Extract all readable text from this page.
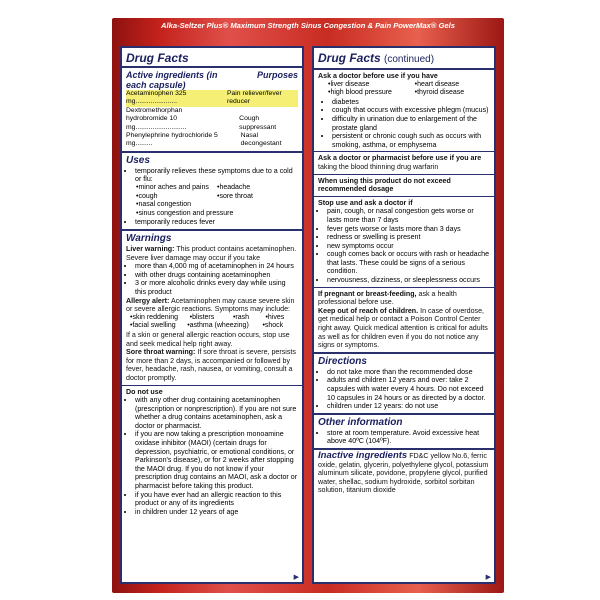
Alka-Seltzer Plus® Maximum Strength Sinus Congestion & Pain PowerMax® Gels
Drug Facts
Active ingredients (in each capsule)
Purposes
Acetaminophen 325 mg......................
Pain reliever/fever reducer
Dextromethorphan
hydrobromide 10 mg...........................
Cough suppressant
Phenylephrine hydrochloride 5 mg.........
Nasal decongestant
Uses
• temporarily relieves these symptoms due to a cold or flu:
• minor aches and pains	• headache
• cough	• sore throat
• nasal congestion
• sinus congestion and pressure
• temporarily reduces fever
Warnings
Liver warning: This product contains acetaminophen. Severe liver damage may occur if you take
• more than 4,000 mg of acetaminophen in 24 hours
• with other drugs containing acetaminophen
• 3 or more alcoholic drinks every day while using this product
Allergy alert: Acetaminophen may cause severe skin or severe allergic reactions. Symptoms may include:
• skin reddening	• blisters	• rash	• hives
• facial swelling	• asthma (wheezing)	• shock
If a skin or general allergic reaction occurs, stop use and seek medical help right away.
Sore throat warning: If sore throat is severe, persists for more than 2 days, is accompanied or followed by fever, headache, rash, nausea, or vomiting, consult a doctor promptly.
Do not use
• with any other drug containing acetaminophen (prescription or nonprescription). If you are not sure whether a drug contains acetaminophen, ask a doctor or pharmacist.
• if you are now taking a prescription monoamine oxidase inhibitor (MAOI) (certain drugs for depression, psychiatric, or emotional conditions, or Parkinson's disease), or for 2 weeks after stopping the MAOI drug. If you do not know if your prescription drug contains an MAOI, ask a doctor or pharmacist before taking this product.
• if you have ever had an allergic reaction to this product or any of its ingredients
• in children under 12 years of age
▶
Drug Facts (continued)
Ask a doctor before use if you have
• liver disease	• heart disease
• high blood pressure	• thyroid disease
• diabetes
• cough that occurs with excessive phlegm (mucus)
• difficulty in urination due to enlargement of the prostate gland
• persistent or chronic cough such as occurs with smoking, asthma, or emphysema
Ask a doctor or pharmacist before use if you are
taking the blood thinning drug warfarin
When using this product do not exceed recommended dosage
Stop use and ask a doctor if
• pain, cough, or nasal congestion gets worse or lasts more than 7 days
• fever gets worse or lasts more than 3 days
• redness or swelling is present
• new symptoms occur
• cough comes back or occurs with rash or headache that lasts. These could be signs of a serious condition.
• nervousness, dizziness, or sleeplessness occurs
If pregnant or breast-feeding, ask a health professional before use.
Keep out of reach of children. In case of overdose, get medical help or contact a Poison Control Center right away. Quick medical attention is critical for adults as well as for children even if you do not notice any signs or symptoms.
Directions
• do not take more than the recommended dose
• adults and children 12 years and over: take 2 capsules with water every 4 hours. Do not exceed 10 capsules in 24 hours or as directed by a doctor.
• children under 12 years: do not use
Other information
• store at room temperature. Avoid excessive heat above 40ºC (104ºF).
Inactive ingredients FD&C yellow No.6, ferric oxide, gelatin, glycerin, polyethylene glycol, potassium aluminum silicate, povidone, propylene glycol, purified water, shellac, sodium hydroxide, sorbitol sorbitan solution, titanium dioxide
▶
